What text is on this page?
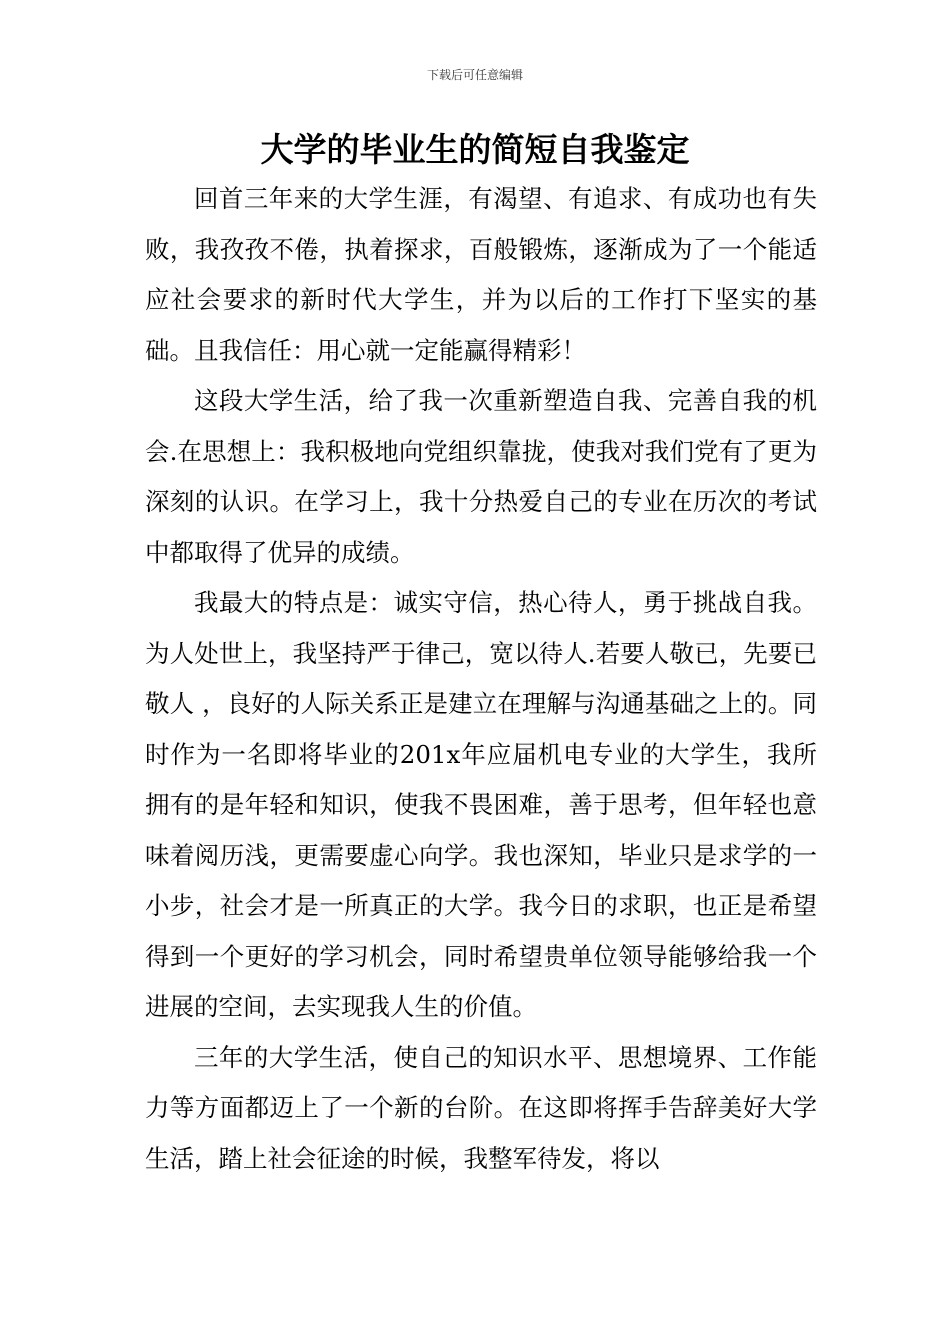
下载后可任意编辑
大学的毕业生的简短自我鉴定

回首三年来的大学生涯，有渴望、有追求、有成功也有失败，我孜孜不倦，执着探求，百般锻炼，逐渐成为了一个能适应社会要求的新时代大学生，并为以后的工作打下坚实的基础。且我信任：用心就一定能赢得精彩！

这段大学生活，给了我一次重新塑造自我、完善自我的机会.在思想上：我积极地向党组织靠拢，使我对我们党有了更为深刻的认识。在学习上，我十分热爱自己的专业在历次的考试中都取得了优异的成绩。

我最大的特点是：诚实守信，热心待人，勇于挑战自我。为人处世上，我坚持严于律己，宽以待人.若要人敬已，先要已敬人 ，良好的人际关系正是建立在理解与沟通基础之上的。同时作为一名即将毕业的201x年应届机电专业的大学生，我所拥有的是年轻和知识，使我不畏困难，善于思考，但年轻也意味着阅历浅，更需要虚心向学。我也深知，毕业只是求学的一小步，社会才是一所真正的大学。我今日的求职，也正是希望得到一个更好的学习机会，同时希望贵单位领导能够给我一个进展的空间，去实现我人生的价值。

三年的大学生活，使自己的知识水平、思想境界、工作能力等方面都迈上了一个新的台阶。在这即将挥手告辞美好大学生活，踏上社会征途的时候，我整军待发，将以
